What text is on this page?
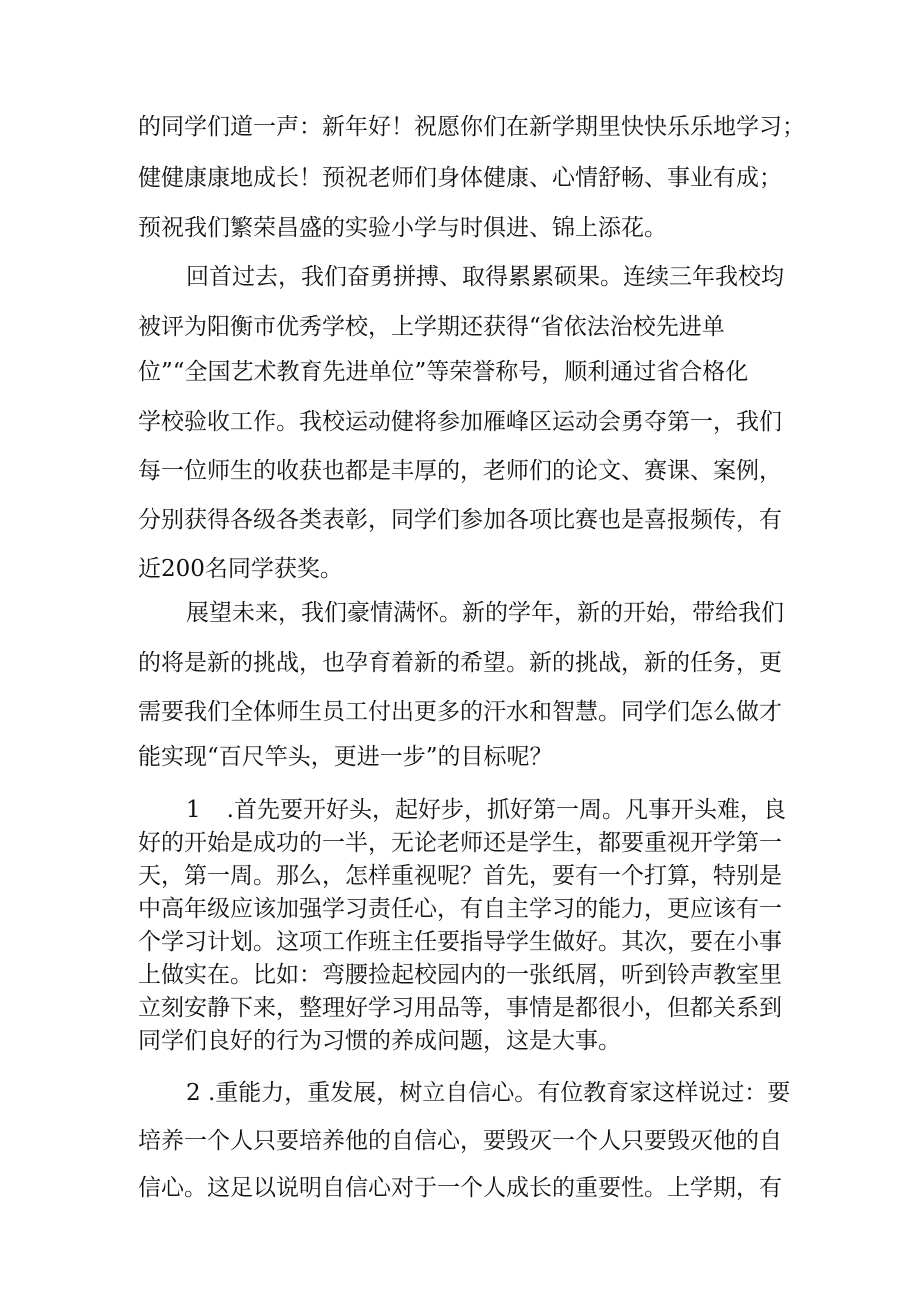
的同学们道一声：新年好！祝愿你们在新学期里快快乐乐地学习；
健健康康地成长！预祝老师们身体健康、心情舒畅、事业有成；
预祝我们繁荣昌盛的实验小学与时俱进、锦上添花。
回首过去，我们奋勇拼搏、取得累累硕果。连续三年我校均
被评为阳衡市优秀学校，上学期还获得“省依法治校先进单
位”“全国艺术教育先进单位”等荣誉称号，顺利通过省合格化
学校验收工作。我校运动健将参加雁峰区运动会勇夺第一，我们
每一位师生的收获也都是丰厚的，老师们的论文、赛课、案例，
分别获得各级各类表彰，同学们参加各项比赛也是喜报频传，有
近200名同学获奖。
展望未来，我们豪情满怀。新的学年，新的开始，带给我们
的将是新的挑战，也孕育着新的希望。新的挑战，新的任务，更
需要我们全体师生员工付出更多的汗水和智慧。同学们怎么做才
能实现“百尺竿头，更进一步”的目标呢？
1 .首先要开好头，起好步，抓好第一周。凡事开头难，良
好的开始是成功的一半，无论老师还是学生，都要重视开学第一
天，第一周。那么，怎样重视呢？首先，要有一个打算，特别是
中高年级应该加强学习责任心，有自主学习的能力，更应该有一
个学习计划。这项工作班主任要指导学生做好。其次，要在小事
上做实在。比如：弯腰捡起校园内的一张纸屑，听到铃声教室里
立刻安静下来，整理好学习用品等，事情是都很小，但都关系到
同学们良好的行为习惯的养成问题，这是大事。
2 .重能力，重发展，树立自信心。有位教育家这样说过：要
培养一个人只要培养他的自信心，要毁灭一个人只要毁灭他的自
信心。这足以说明自信心对于一个人成长的重要性。上学期，有
